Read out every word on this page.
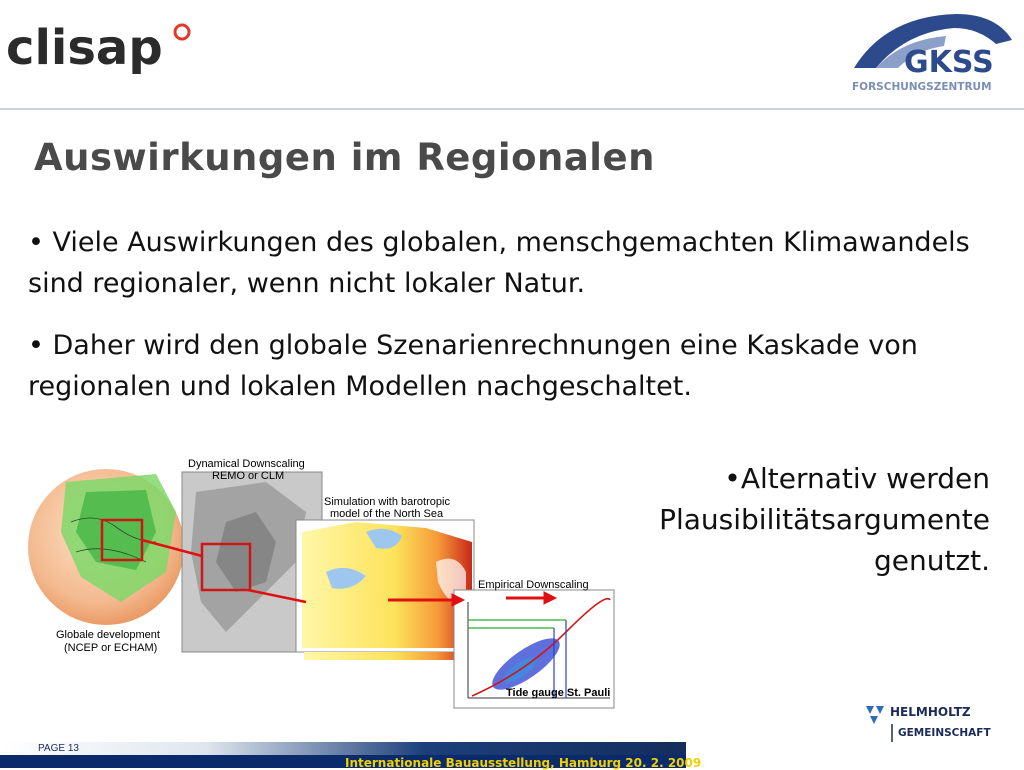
clisap	GKSS
FORSCHUNGSZENTRUM
Auswirkungen im Regionalen
• Viele Auswirkungen des globalen, menschgemachten Klimawandels sind regionaler, wenn nicht lokaler Natur.
• Daher wird den globale Szenarienrechnungen eine Kaskade von regionalen und lokalen Modellen nachgeschaltet.
•Alternativ werden Plausibilitätsargumente genutzt.
Globale development
(NCEP or ECHAM)
Dynamical Downscaling
REMO or CLM
Simulation with barotropic
model of the North Sea
Empirical Downscaling
Tide gauge St. Pauli
PAGE 13
Internationale Bauausstellung, Hamburg 20. 2. 2009
HELMHOLTZ
GEMEINSCHAFT
